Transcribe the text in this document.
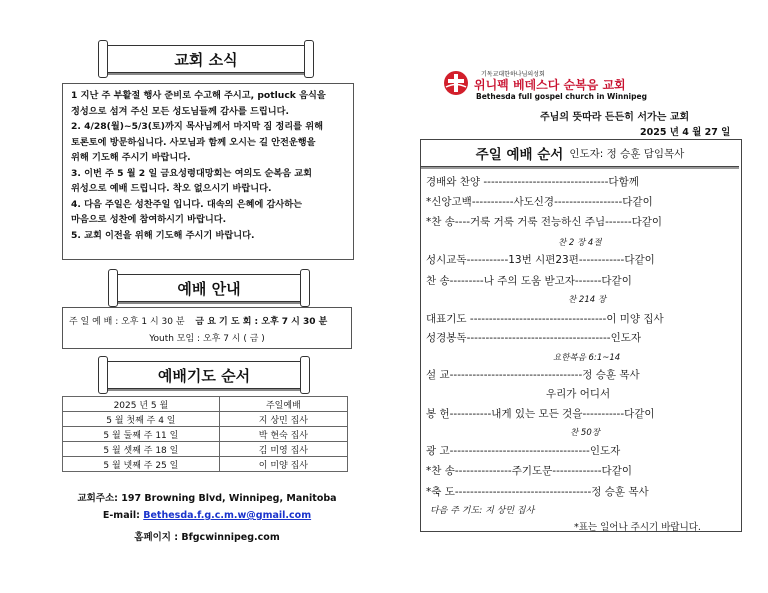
교회 소식

1 지난 주 부활절 행사 준비로 수고해 주시고, potluck 음식을

정성으로 섬겨 주신 모든 성도님들께 감사를 드립니다.

2. 4/28(월)~5/3(토)까지 목사님께서 마지막 짐 정리를 위해

토론토에 방문하십니다. 사모님과 함께 오시는 길 안전운행을

위해 기도해 주시기 바랍니다.

3. 이번 주 5 월 2 일 금요성령대망회는 여의도 순복음 교회

위성으로 예배 드립니다. 착오 없으시기 바랍니다.

4. 다음 주일은 성찬주일 입니다. 대속의 은혜에 감사하는

마음으로 성찬에 참여하시기 바랍니다.

5. 교회 이전을 위해 기도해 주시기 바랍니다.

예배 안내
주 일 예 배 : 오후 1 시 30 분 금 요 기 도 회 : 오후 7 시 30 분
Youth 모임 : 오후 7 시 ( 금 )
예배기도 순서
2025 년 5 월	주일예배
5 월 첫째 주 4 일	지 상민 집사
5 월 둘째 주 11 일	박 현숙 집사
5 월 셋째 주 18 일	김 미영 집사
5 월 넷째 주 25 일	이 미양 집사
교회주소: 197 Browning Blvd, Winnipeg, Manitoba
E-mail: Bethesda.f.g.c.m.w@gmail.com
홈페이지 : Bfgcwinnipeg.com
기독교대한하나님의성회
위니펙 베데스다 순복음 교회
Bethesda full gospel church in Winnipeg
주님의 뜻따라 든든히 서가는 교회
2025 년 4 월 27 일
주일 예배 순서 인도자: 정 승훈 담임목사
경배와 찬양 ---------------------------------다함께
*신앙고백-----------사도신경------------------다같이
*찬 송----거룩 거룩 거룩 전능하신 주님-------다같이
찬 2 장 4절
성시교독-----------13번 시편23편------------다같이
찬 송---------나 주의 도움 받고자-------다같이
찬 214 장
대표기도 ------------------------------------이 미양 집사
성경봉독--------------------------------------인도자
요한복음 6:1~14
설 교-----------------------------------정 승훈 목사
우리가 어디서
봉 헌-----------내게 있는 모든 것을-----------다같이
찬 50장
광 고-------------------------------------인도자
*찬 송---------------주기도문-------------다같이
*축 도------------------------------------정 승훈 목사
다음 주 기도: 지 상민 집사
*표는 일어나 주시기 바랍니다.
